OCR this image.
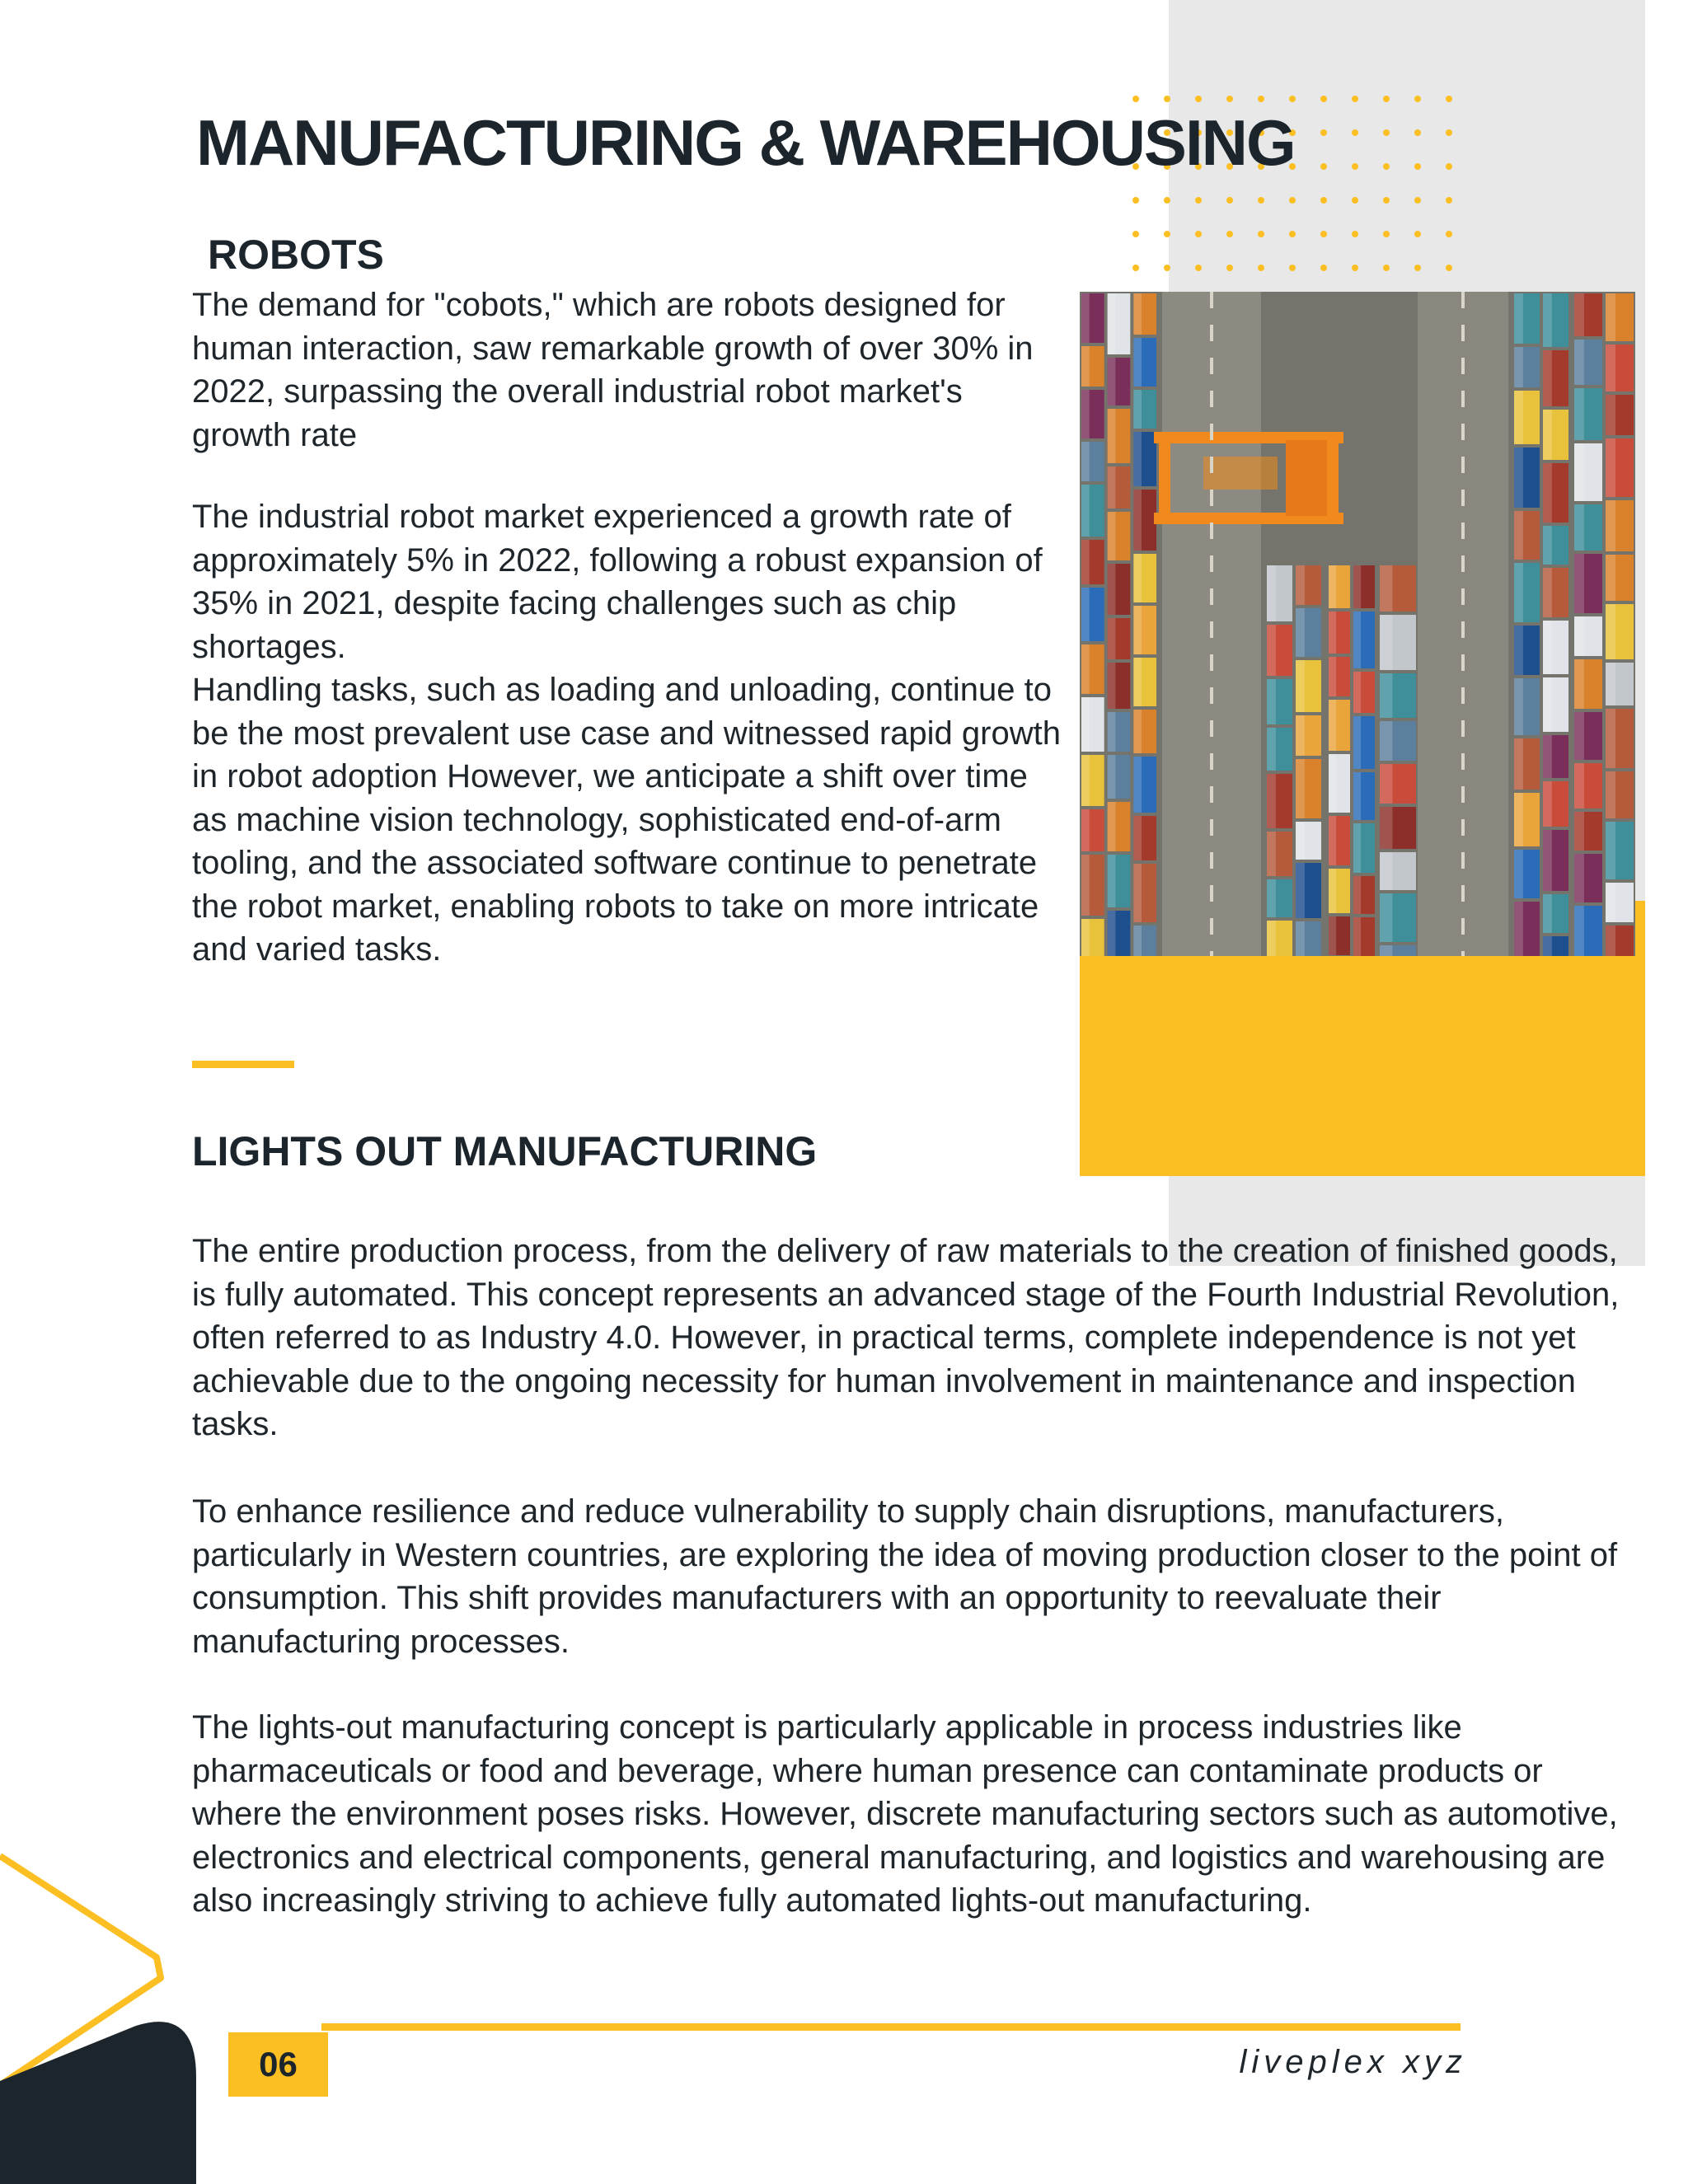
MANUFACTURING & WAREHOUSING
ROBOTS

The demand for "cobots," which are robots designed for human interaction, saw remarkable growth of over 30% in 2022, surpassing the overall industrial robot market's growth rate

The industrial robot market experienced a growth rate of approximately 5% in 2022, following a robust expansion of 35% in 2021, despite facing challenges such as chip shortages.
Handling tasks, such as loading and unloading, continue to be the most prevalent use case and witnessed rapid growth in robot adoption However, we anticipate a shift over time as machine vision technology, sophisticated end-of-arm tooling, and the associated software continue to penetrate the robot market, enabling robots to take on more intricate and varied tasks.
LIGHTS OUT MANUFACTURING

The entire production process, from the delivery of raw materials to the creation of finished goods, is fully automated. This concept represents an advanced stage of the Fourth Industrial Revolution, often referred to as Industry 4.0. However, in practical terms, complete independence is not yet achievable due to the ongoing necessity for human involvement in maintenance and inspection tasks.

To enhance resilience and reduce vulnerability to supply chain disruptions, manufacturers, particularly in Western countries, are exploring the idea of moving production closer to the point of consumption. This shift provides manufacturers with an opportunity to reevaluate their manufacturing processes.

The lights-out manufacturing concept is particularly applicable in process industries like pharmaceuticals or food and beverage, where human presence can contaminate products or where the environment poses risks. However, discrete manufacturing sectors such as automotive, electronics and electrical components, general manufacturing, and logistics and warehousing are also increasingly striving to achieve fully automated lights-out manufacturing.

06	liveplex xyz
